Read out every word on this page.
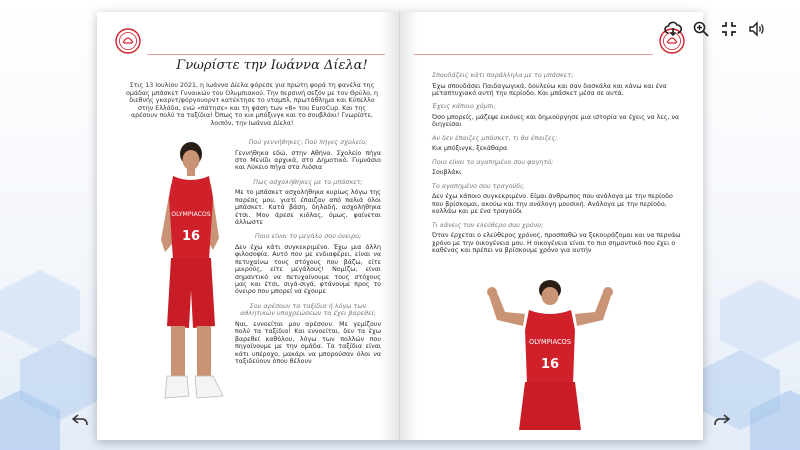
Γνωρίστε την Ιωάννα Δίελα!
Στις 13 Ιουλίου 2021, η Ιωάννα Δίελα φόρεσε για πρώτη φορά τη φανέλα της ομάδας μπάσκετ Γυναικών του Ολυμπιακού. Την περσινή σεζόν με τον Θρύλο, η διεθνής γκαρντ/φόργουορντ κατέκτησε το νταμπλ, πρωτάθλημα και Κύπελλο στην Ελλάδα, ενώ «πάτησε» και τη φάση των «8» του EuroCup. Και της αρέσουν πολύ τα ταξίδια! Όπως το κικ μπόξινγκ και το σουβλάκι! Γνωρίστε, λοιπόν, την Ιωάννα Δίελα!
OLYMPIACOS
16
Πού γεννήθηκες; Πού πήγες σχολείο;
Γεννήθηκα εδώ, στην Αθήνα. Σχολείο πήγα στο Μενίδι αρχικά, στο Δημοτικό. Γυμνάσιο και Λύκειο πήγα στα Λιόσια
Πως ασχολήθηκες με το μπάσκετ;
Με το μπάσκετ ασχολήθηκα κυρίως λόγω της παρέας μου, γιατί έπαιζαν από παλιά όλοι μπάσκετ. Κατά βάση, δηλαδή, ασχολήθηκα έτσι. Μου άρεσε κιόλας, όμως, φαίνεται άλλωστε
Ποιο είναι το μεγάλο σου όνειρο;
Δεν έχω κάτι συγκεκριμένο. Έχω μια άλλη φιλοσοφία. Αυτό που με ενδιαφέρει, είναι να πετυχαίνω τους στόχους που βάζω, είτε μικρούς, είτε μεγάλους! Νομίζω, είναι σημαντικό να πετυχαίνουμε τους στόχους μας και έτσι, σιγά-σιγά, φτάνουμε προς το όνειρο που μπορεί να έχουμε
Σου αρέσουν τα ταξίδια ή λόγω των αθλητικών υποχρεώσεων τα έχει βαρεθεί;
Ναι, εννοείται μου αρέσουν. Με γεμίζουν πολύ τα ταξίδια! Και εννοείται, δεν τα έχω βαρεθεί καθόλου, λόγω των πολλών που πηγαίνουμε με την ομάδα. Τα ταξίδια είναι κάτι υπέροχο, μακάρι να μπορούσαν όλοι να ταξιδεύουν όπου θέλουν
Σπουδάζεις κάτι παράλληλα με το μπάσκετ;
Έχω σπουδάσει Παιδαγωγικά, δουλεύω και σαν δασκάλα και κάνω και ένα μεταπτυχιακό αυτή την περίοδο. Και μπάσκετ μέσα σε αυτά.
Έχεις κάποιο χόμπι;
Όσο μπορείς, μάζεψε εικόνες και δημιούργησε μια ιστορία να έχεις να λες, να διηγείσαι
Αν δεν έπαιζες μπάσκετ, τι θα έπαιζες;
Κικ μπόξινγκ, ξεκάθαρα
Ποιο είναι το αγαπημένο σου φαγητό;
Σουβλάκι
Το αγαπημένο σου τραγούδι;
Δεν έχω κάποιο συγκεκριμένο. Είμαι άνθρωπος που ανάλογα με την περίοδο που βρίσκομαι, ακούω και την ανάλογη μουσική. Ανάλογα με την περίοδο, κολλάω και με ένα τραγούδι
Τι κάνεις τον ελεύθερο σου χρόνο;
Όταν έρχεται ο ελεύθερος χρόνος, προσπαθώ να ξεκουράζομαι και να περνάω χρόνο με την οικογένεια μου. Η οικογένεια είναι το πιο σημαντικό που έχει ο καθένας και πρέπει να βρίσκουμε χρόνο για αυτήν
OLYMPIACOS
16
